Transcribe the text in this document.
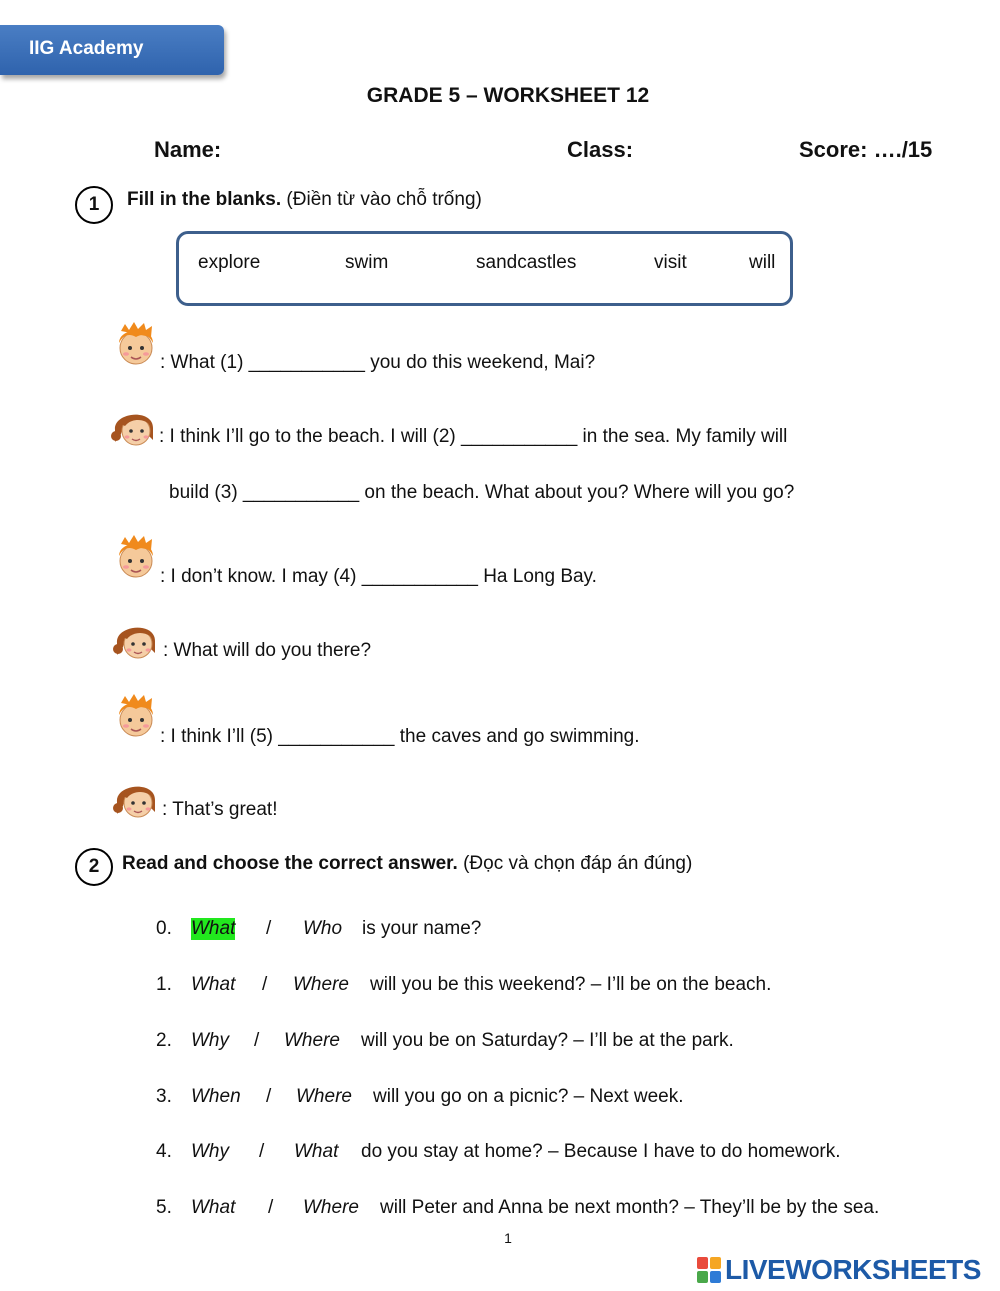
IIG Academy
GRADE 5 – WORKSHEET 12
Name:	Class:	Score: …./15
1	Fill in the blanks. (Điền từ vào chỗ trống)
explore	swim	sandcastles	visit	will
: What (1) ___________ you do this weekend, Mai?
: I think I’ll go to the beach. I will (2) ___________ in the sea. My family will
build (3) ___________ on the beach. What about you? Where will you go?
: I don’t know. I may (4) ___________ Ha Long Bay.
: What will do you there?
: I think I’ll (5) ___________ the caves and go swimming.
: That’s great!
2	Read and choose the correct answer. (Đọc và chọn đáp án đúng)
0. What / Who is your name?
1. What / Where will you be this weekend? – I’ll be on the beach.
2. Why / Where will you be on Saturday? – I’ll be at the park.
3. When / Where will you go on a picnic? – Next week.
4. Why / What do you stay at home? – Because I have to do homework.
5. What / Where will Peter and Anna be next month? – They’ll be by the sea.
1
LIVEWORKSHEETS
